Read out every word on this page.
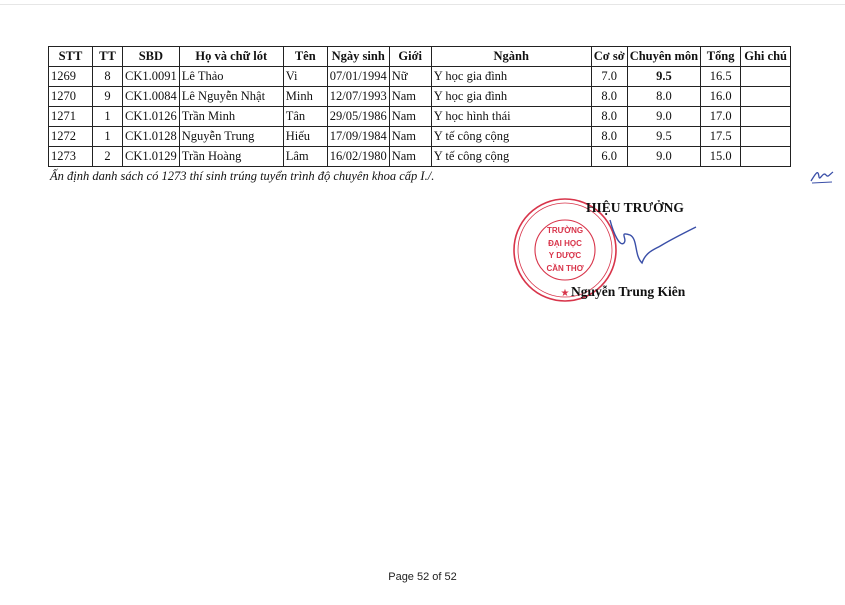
STT	TT	SBD	Họ và chữ lót	Tên	Ngày sinh	Giới	Ngành	Cơ sở	Chuyên môn	Tổng	Ghi chú
1269	8	CK1.0091	Lê Thảo	Vi	07/01/1994	Nữ	Y học gia đình	7.0	9.5	16.5	
1270	9	CK1.0084	Lê Nguyễn Nhật	Minh	12/07/1993	Nam	Y học gia đình	8.0	8.0	16.0	
1271	1	CK1.0126	Trần Minh	Tân	29/05/1986	Nam	Y học hình thái	8.0	9.0	17.0	
1272	1	CK1.0128	Nguyễn Trung	Hiếu	17/09/1984	Nam	Y tế công cộng	8.0	9.5	17.5	
1273	2	CK1.0129	Trần Hoàng	Lâm	16/02/1980	Nam	Y tế công cộng	6.0	9.0	15.0	
Ấn định danh sách có 1273 thí sinh trúng tuyển trình độ chuyên khoa cấp I./.
TRƯỜNG
ĐẠI HỌC
Y DƯỢC
CẦN THƠ
★
HIỆU TRƯỞNG
Nguyễn Trung Kiên
Page 52 of 52
